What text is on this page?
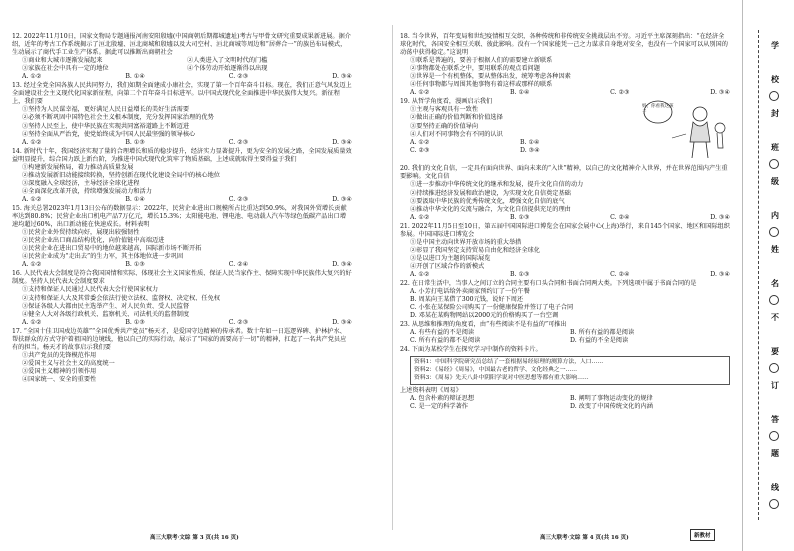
12. 2022年11月10日，国家文物局专题通报河南安阳殷墟(中国商朝后期都城遗址)考古与甲骨文研究重要成果新进展。据介绍，近年的考古工作系统揭示了洹北殷墟、洹北商城和殷墟以及大司空村、洹北商城等周边和“居葬合一”的族邑布局模式，生动展示了商代手工业生产体系。据此可以推断出商朝社会

①商业和大城市逐渐发展起来	②人类进入了文明时代的门槛
③家族在社会中具有一定的地位	④个体劳动开始逐渐得以出现
A. ①②	B. ①④	C. ②③	D. ③④

13. 经过全党全国各族人民共同努力，我们如期全面建成小康社会，实现了第一个百年奋斗目标。现在，我们正意气风发迈上全面建设社会主义现代化国家新征程，向第二个百年奋斗目标进军。以中国式现代化全面推进中华民族伟大复兴。新征程上，我们要

①坚持为人民谋幸福，更好满足人民日益增长的美好生活需要
②必须不断巩固中国特色社会主义根本制度，充分发挥国家治理的优势
③坚持人民至上，使中华民族在实现共同富裕道路上不断迈进
④坚持全面从严治党，使党始终成为中国人民最坚强的领导核心
A. ①②	B. ①③	C. ②③	D. ③④

14. 新时代十年，我国经济实现了量的合理增长和质的稳步提升，经济实力显著提升，更为安全的发展之路，全国发展质量效益明显提升，综合国力跃上新台阶，为推进中国式现代化筑牢了物质基础，上述成就取得主要得益于我们

①构建新发展格局，着力推动高质量发展
②推动发展新旧动能接续转换，坚持创新在现代化建设全局中的核心地位
③深度融入全球经济，主导经济全球化进程
④全面深化改革开放，持续增强发展动力和活力
A. ①②	B. ①④	C. ②③	D. ③④

15. 海关总署2023年1月13日公布的数据显示：2022年，民营企业进出口规模所占比重达到50.9%，对我国外贸增长贡献率达到80.8%；民营企业出口机电产品7万亿元，增长15.3%；太阳能电池、锂电池、电动载人汽车等绿色低碳产品出口增速均超过60%，出口新动能在快速成长。材料表明

①民营企业外贸持续向好，展现出较强韧性
②民营企业出口商品结构优化，向价值链中高端迈进
③民营企业在进出口贸易中的地位越来越高，国际新市场不断开拓
④民营企业成为“走出去”的生力军，其主体地位进一步巩固
A. ①②	B. ①③	C. ②④	D. ③④

16. 人民代表大会制度是符合我国国情和实际、体现社会主义国家性质、保证人民当家作主、保障实现中华民族伟大复兴的好制度。坚持人民代表大会制度要求

①支持和保证人民通过人民代表大会行使国家权力
②支持和保证人大及其常委会依法行使立法权、监督权、决定权、任免权
③保证各级人大都由民主选举产生、对人民负责、受人民监督
④健全人大对各级行政机关、监察机关、司法机关的监督制度
A. ①②	B. ①③	C. ②③	D. ③④

17. “全国十佳卫国戍边英雄”“全国优秀共产党员”杨天才，是爱国守边精神的传承者。数十年如一日巡逻界碑、护林护水、帮扶群众的方式守护着祖国的边境线，他以自己的实际行动，展示了“国家的需要高于一切”的精神，扛起了一名共产党员应有的担当。杨天才的故事启示我们要

①共产党员的先锋模范作用
②爱国主义与社会主义的高度统一
③爱国主义精神的引领作用
④国家统一、安全的重要性

18. 当今世界，百年变局和世纪疫情相互交织，各种传统和非传统安全挑战层出不穷。习近平主席深刻指出：“在经济全球化时代，各国安全相互关联、彼此影响。没有一个国家能凭一己之力谋求自身绝对安全，也没有一个国家可以从别国的动荡中获得稳定。”这说明

①联系是普遍的，要善于根据人们的需要建立新联系
②事物都处在联系之中，要用联系的观点看问题
③世界是一个有机整体，要从整体出发，统筹考虑各种因素
④任何事物都与周围其他事物有着这样或那样的联系
A. ①②	B. ①④	C. ②③	D. ③④
妈，你看我这孩子

19. 从哲学角度看，漫画启示我们

①主观与客观具有一致性
②做出正确的价值判断和价值选择
③要坚持正确的价值导向
④人们对不同事物会有不同的认识
A. ①②	B. ①④
C. ②③	D. ③④

20. 我们的文化自信，一定具有面向世界、面向未来的“入世”精神，以自己的文化精神介入世界，并在世界范围内产生重要影响。文化自信

①进一步推动中华传统文化的继承和发展，提升文化自信的动力
②持续推进经济发展和政治建设，为实现文化自信奠定基础
③要汲取中华民族的优秀传统文化，增强文化自信的底气
④推动中华文化的交流与融合，为文化自信提供充足的理由
A. ①②	B. ①③	C. ②④	D. ③④

21. 2022年11月5日至10日，第五届中国国际进口博览会在国家会展中心(上海)举行，来自145个国家、地区和国际组织参展。中国国际进口博览会

①是中国主动向世界开放市场的重大举措
②彰显了我国坚定支持贸易自由化和经济全球化
③是以进口为主题的国际展览
④开创了区域合作的新模式
A. ①②	B. ①③	C. ②④	D. ③④

22. 在日常生活中，当事人之间订立的合同主要有口头合同和书面合同两大类。下列选项中属于书面合同的是

A. 小芳打电话给外卖商家预约订了一份午餐
B. 周某向王某借了300元钱，说好下周还
C. 小张在某保险公司购买了一份健康保险并签订了电子合同
D. 邓某在某购物网站以2000元的价格购买了一台空调

23. 从思维和推理的角度看，由“有些阅读不是有益的”可推出

A. 有些有益的不是阅读	B. 所有有益的都是阅读
C. 所有有益的都不是阅读	D. 有益的不全是阅读

24. 下面为某校学生在探究学习中制作的资料卡片。

资料1：中国科学院研究员总结了一套根据易经原理的测算方法，人口……
资料2：《易经》《周易》，中国最古老的哲学、文化经典之一……
资料3：《周易》先天八卦中阴阳学说对中医思想等都有重大影响……

上述资料表明《周易》

A. 包含朴素的辩证思想	B. 阐明了事物运动变化的规律
C. 是一定的科学著作	D. 改变了中国传统文化的内涵
高三大联考·文综 第 3 页(共 16 页)	高三大联考·文综 第 4 页(共 16 页)	新教材
学
校
封
班
级
内
姓
名
不
要
订
答
题
线
